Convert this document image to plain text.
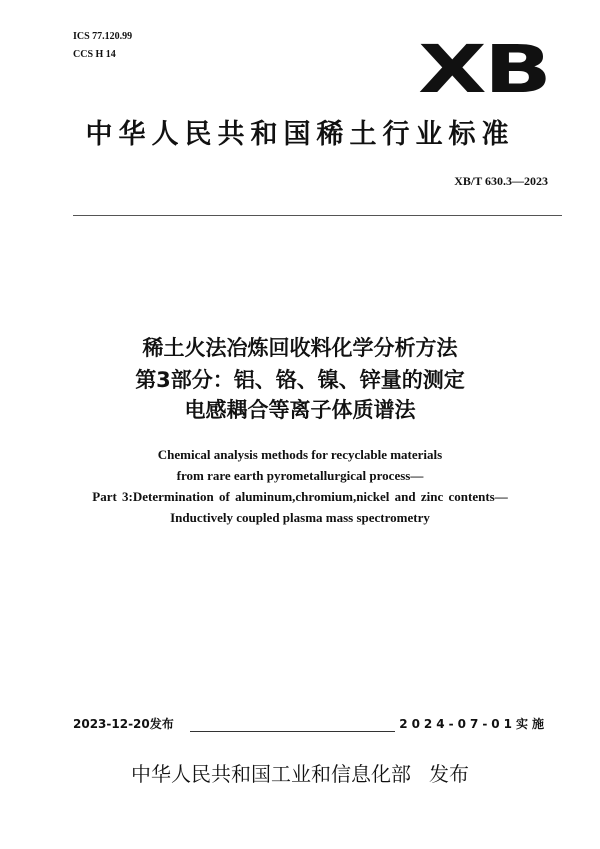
ICS 77.120.99
CCS H 14	XB
中华人民共和国稀土行业标准
XB/T 630.3—2023
稀土火法冶炼回收料化学分析方法
第3部分：铝、铬、镍、锌量的测定
电感耦合等离子体质谱法
Chemical analysis methods for recyclable materials
from rare earth pyrometallurgical process—
Part 3:Determination of aluminum,chromium,nickel and zinc contents—
Inductively coupled plasma mass spectrometry
2023-12-20发布	2024-07-01实施
中华人民共和国工业和信息化部 发布
